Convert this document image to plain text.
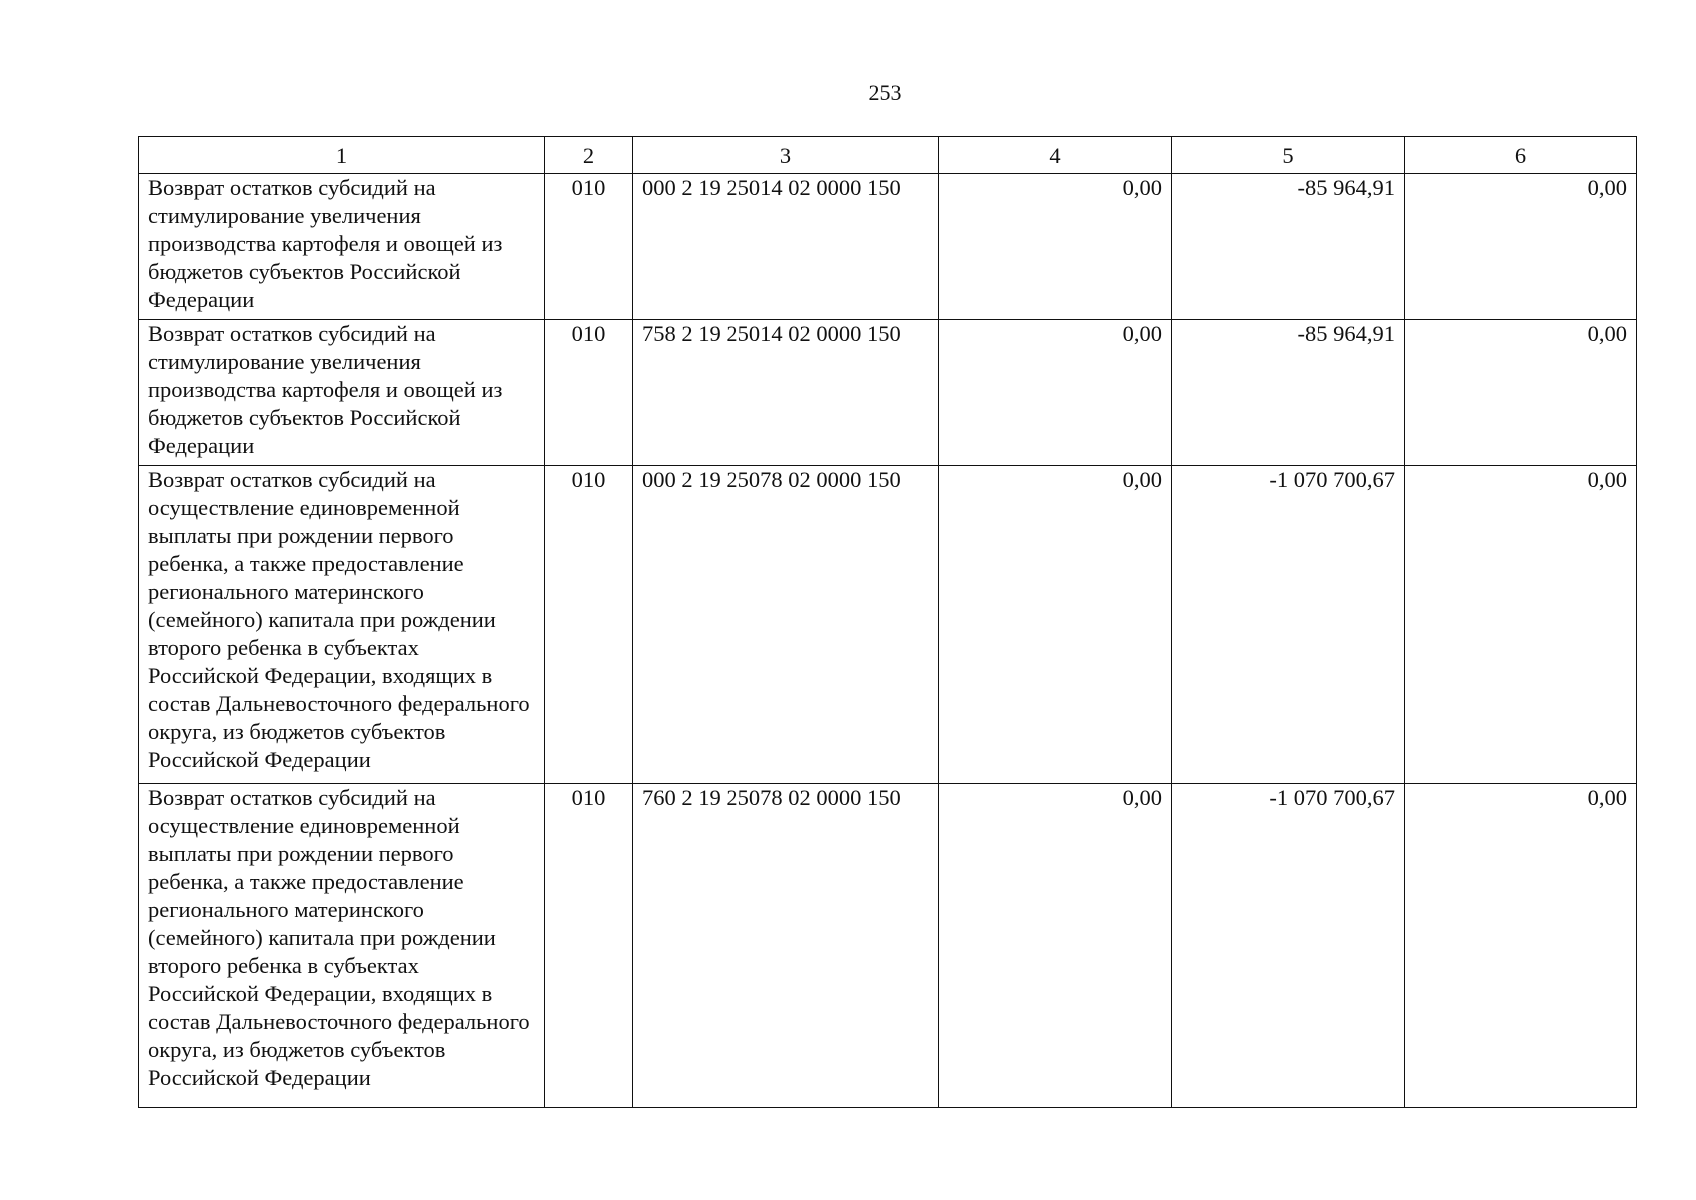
253
1	2	3	4	5	6
Возврат остатков субсидий на стимулирование увеличения производства картофеля и овощей из бюджетов субъектов Российской Федерации	010	000 2 19 25014 02 0000 150	0,00	-85 964,91	0,00
Возврат остатков субсидий на стимулирование увеличения производства картофеля и овощей из бюджетов субъектов Российской Федерации	010	758 2 19 25014 02 0000 150	0,00	-85 964,91	0,00
Возврат остатков субсидий на осуществление единовременной выплаты при рождении первого ребенка, а также предоставление регионального материнского (семейного) капитала при рождении второго ребенка в субъектах Российской Федерации, входящих в состав Дальневосточного федерального округа, из бюджетов субъектов Российской Федерации	010	000 2 19 25078 02 0000 150	0,00	-1 070 700,67	0,00
Возврат остатков субсидий на осуществление единовременной выплаты при рождении первого ребенка, а также предоставление регионального материнского (семейного) капитала при рождении второго ребенка в субъектах Российской Федерации, входящих в состав Дальневосточного федерального округа, из бюджетов субъектов Российской Федерации	010	760 2 19 25078 02 0000 150	0,00	-1 070 700,67	0,00
